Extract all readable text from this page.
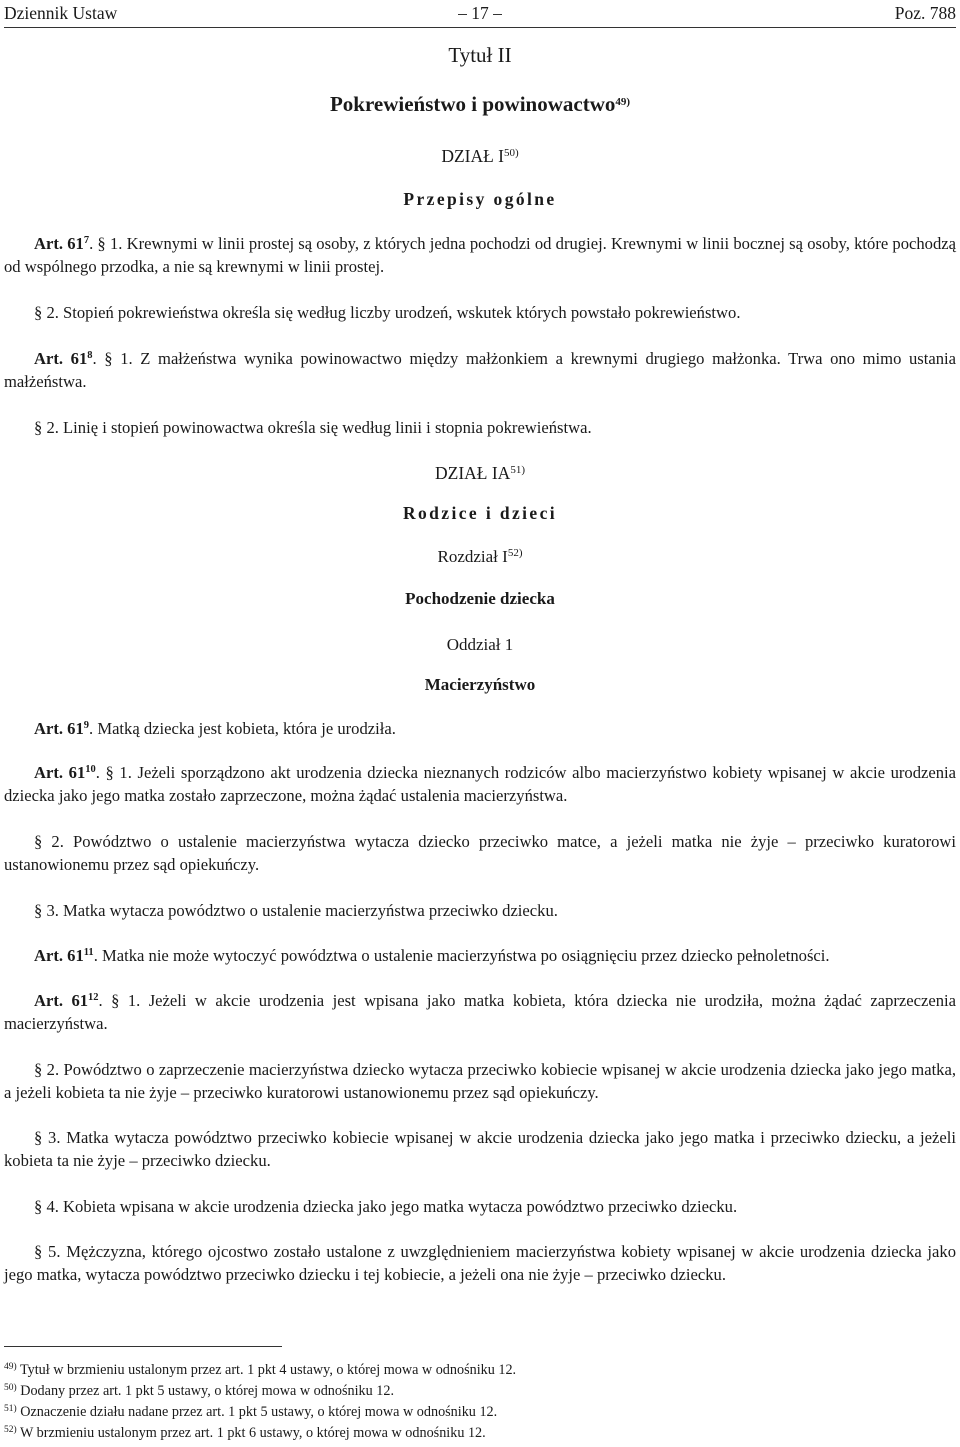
Dziennik Ustaw	– 17 –	Poz. 788
Tytuł II
Pokrewieństwo i powinowactwo$^{49)}$
DZIAŁ I$^{50)}$
Przepisy ogólne
Art. $61^7$. § 1. Krewnymi w linii prostej są osoby, z których jedna pochodzi od drugiej. Krewnymi w linii bocznej są osoby, które pochodzą od wspólnego przodka, a nie są krewnymi w linii prostej.
§ 2. Stopień pokrewieństwa określa się według liczby urodzeń, wskutek których powstało pokrewieństwo.
Art. $61^8$. § 1. Z małżeństwa wynika powinowactwo między małżonkiem a krewnymi drugiego małżonka. Trwa ono mimo ustania małżeństwa.
§ 2. Linię i stopień powinowactwa określa się według linii i stopnia pokrewieństwa.
DZIAŁ IA$^{51)}$
Rodzice i dzieci
Rozdział I$^{52)}$
Pochodzenie dziecka
Oddział 1
Macierzyństwo
Art. $61^9$. Matką dziecka jest kobieta, która je urodziła.
Art. $61^{10}$. § 1. Jeżeli sporządzono akt urodzenia dziecka nieznanych rodziców albo macierzyństwo kobiety wpisanej w akcie urodzenia dziecka jako jego matka zostało zaprzeczone, można żądać ustalenia macierzyństwa.
§ 2. Powództwo o ustalenie macierzyństwa wytacza dziecko przeciwko matce, a jeżeli matka nie żyje – przeciwko kuratorowi ustanowionemu przez sąd opiekuńczy.
§ 3. Matka wytacza powództwo o ustalenie macierzyństwa przeciwko dziecku.
Art. $61^{11}$. Matka nie może wytoczyć powództwa o ustalenie macierzyństwa po osiągnięciu przez dziecko pełnoletności.
Art. $61^{12}$. § 1. Jeżeli w akcie urodzenia jest wpisana jako matka kobieta, która dziecka nie urodziła, można żądać zaprzeczenia macierzyństwa.
§ 2. Powództwo o zaprzeczenie macierzyństwa dziecko wytacza przeciwko kobiecie wpisanej w akcie urodzenia dziecka jako jego matka, a jeżeli kobieta ta nie żyje – przeciwko kuratorowi ustanowionemu przez sąd opiekuńczy.
§ 3. Matka wytacza powództwo przeciwko kobiecie wpisanej w akcie urodzenia dziecka jako jego matka i przeciwko dziecku, a jeżeli kobieta ta nie żyje – przeciwko dziecku.
§ 4. Kobieta wpisana w akcie urodzenia dziecka jako jego matka wytacza powództwo przeciwko dziecku.
§ 5. Mężczyzna, którego ojcostwo zostało ustalone z uwzględnieniem macierzyństwa kobiety wpisanej w akcie urodzenia dziecka jako jego matka, wytacza powództwo przeciwko dziecku i tej kobiecie, a jeżeli ona nie żyje – przeciwko dziecku.
$^{49)}$ Tytuł w brzmieniu ustalonym przez art. 1 pkt 4 ustawy, o której mowa w odnośniku 12.
$^{50)}$ Dodany przez art. 1 pkt 5 ustawy, o której mowa w odnośniku 12.
$^{51)}$ Oznaczenie działu nadane przez art. 1 pkt 5 ustawy, o której mowa w odnośniku 12.
$^{52)}$ W brzmieniu ustalonym przez art. 1 pkt 6 ustawy, o której mowa w odnośniku 12.
